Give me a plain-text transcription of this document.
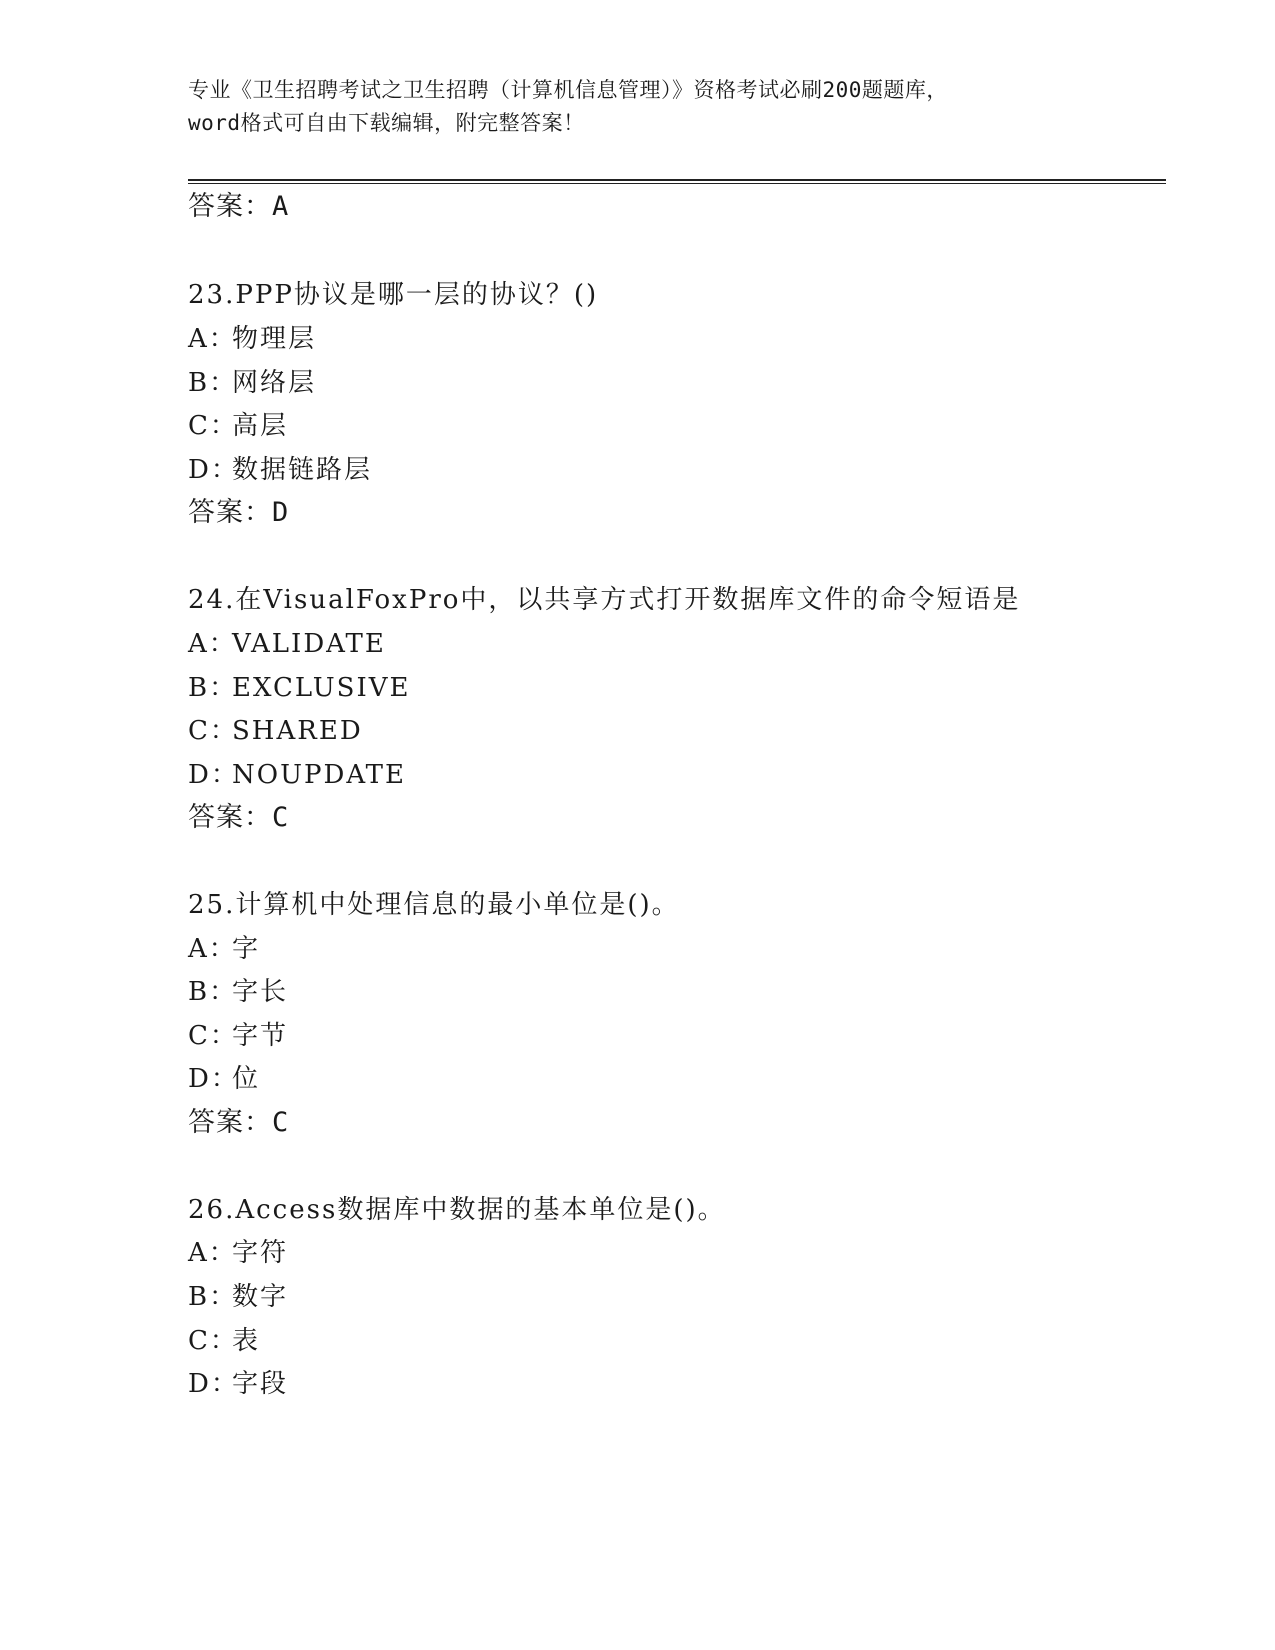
专业《卫生招聘考试之卫生招聘（计算机信息管理）》资格考试必刷200题题库，
word格式可自由下载编辑，附完整答案！
答案：A
23.PPP协议是哪一层的协议？()
A：物理层
B：网络层
C：高层
D：数据链路层
答案：D
24.在VisualFoxPro中，以共享方式打开数据库文件的命令短语是
A：VALIDATE
B：EXCLUSIVE
C：SHARED
D：NOUPDATE
答案：C
25.计算机中处理信息的最小单位是()。
A：字
B：字长
C：字节
D：位
答案：C
26.Access数据库中数据的基本单位是()。
A：字符
B：数字
C：表
D：字段
